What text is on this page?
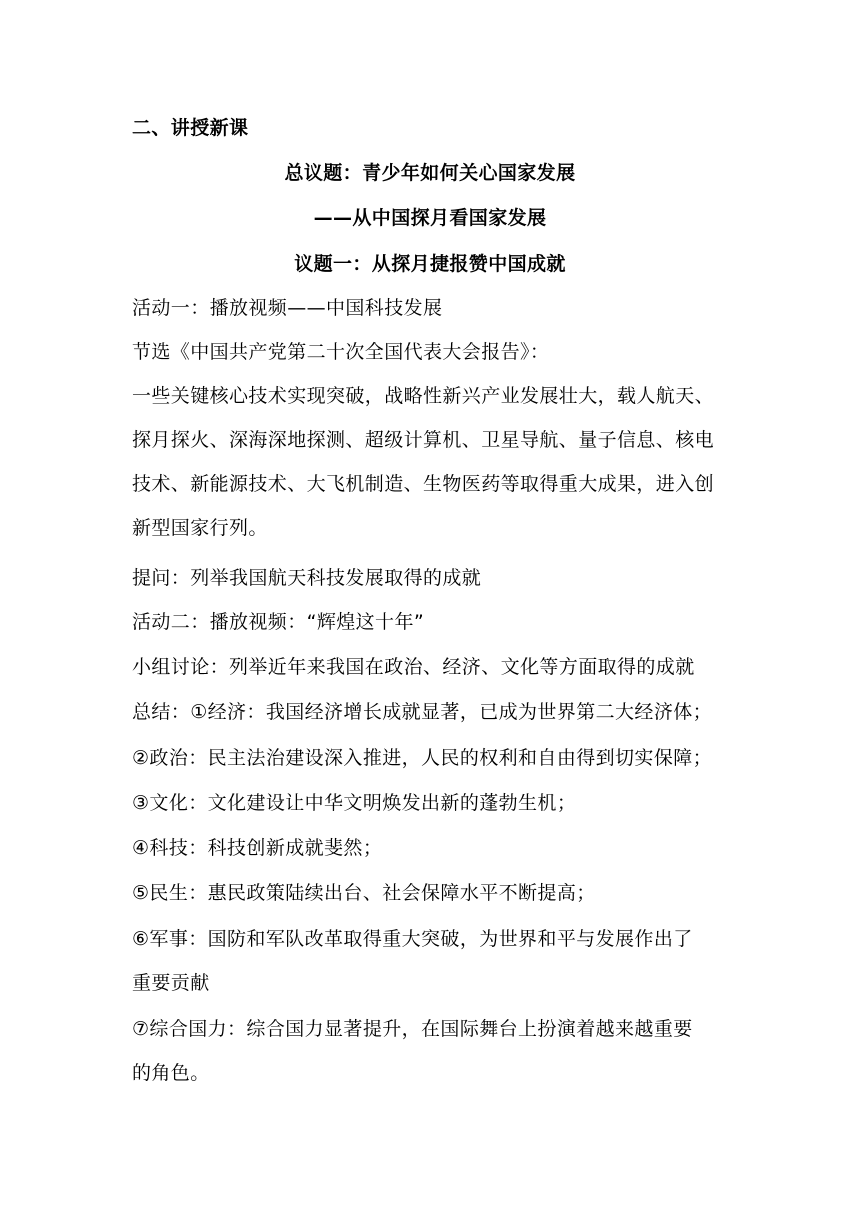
二、讲授新课
总议题：青少年如何关心国家发展
——从中国探月看国家发展
议题一：从探月捷报赞中国成就
活动一：播放视频——中国科技发展
节选《中国共产党第二十次全国代表大会报告》：
一些关键核心技术实现突破，战略性新兴产业发展壮大，载人航天、
探月探火、深海深地探测、超级计算机、卫星导航、量子信息、核电
技术、新能源技术、大飞机制造、生物医药等取得重大成果，进入创
新型国家行列。
提问：列举我国航天科技发展取得的成就
活动二：播放视频：“辉煌这十年”
小组讨论：列举近年来我国在政治、经济、文化等方面取得的成就
总结：①经济：我国经济增长成就显著，已成为世界第二大经济体；
②政治：民主法治建设深入推进，人民的权利和自由得到切实保障；
③文化：文化建设让中华文明焕发出新的蓬勃生机；
④科技：科技创新成就斐然；
⑤民生：惠民政策陆续出台、社会保障水平不断提高；
⑥军事：国防和军队改革取得重大突破，为世界和平与发展作出了
重要贡献
⑦综合国力：综合国力显著提升，在国际舞台上扮演着越来越重要
的角色。
